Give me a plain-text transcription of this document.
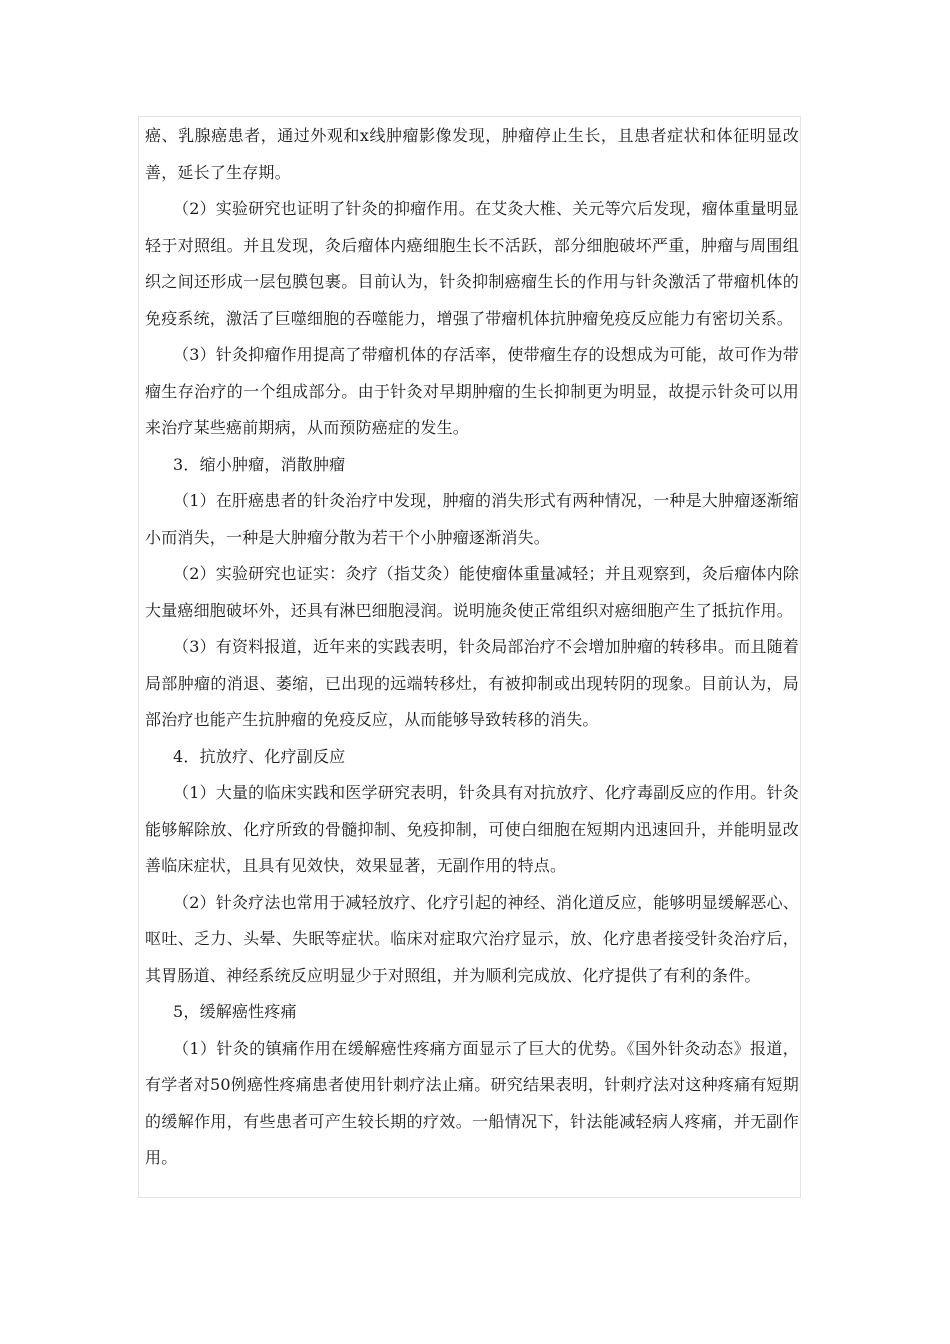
癌、乳腺癌患者，通过外观和x线肿瘤影像发现，肿瘤停止生长，且患者症状和体征明显改善，延长了生存期。

（2）实验研究也证明了针灸的抑瘤作用。在艾灸大椎、关元等穴后发现，瘤体重量明显轻于对照组。并且发现，灸后瘤体内癌细胞生长不活跃，部分细胞破坏严重，肿瘤与周围组织之间还形成一层包膜包裹。目前认为，针灸抑制癌瘤生长的作用与针灸激活了带瘤机体的免疫系统，激活了巨噬细胞的吞噬能力，增强了带瘤机体抗肿瘤免疫反应能力有密切关系。

（3）针灸抑瘤作用提高了带瘤机体的存活率，使带瘤生存的设想成为可能，故可作为带瘤生存治疗的一个组成部分。由于针灸对早期肿瘤的生长抑制更为明显，故提示针灸可以用来治疗某些癌前期病，从而预防癌症的发生。

3．缩小肿瘤，消散肿瘤

（1）在肝癌患者的针灸治疗中发现，肿瘤的消失形式有两种情况，一种是大肿瘤逐渐缩小而消失，一种是大肿瘤分散为若干个小肿瘤逐渐消失。

（2）实验研究也证实：灸疗（指艾灸）能使瘤体重量减轻；并且观察到，灸后瘤体内除大量癌细胞破坏外，还具有淋巴细胞浸润。说明施灸使正常组织对癌细胞产生了抵抗作用。

（3）有资料报道，近年来的实践表明，针灸局部治疗不会增加肿瘤的转移串。而且随着局部肿瘤的消退、萎缩，已出现的远端转移灶，有被抑制或出现转阴的现象。目前认为，局部治疗也能产生抗肿瘤的免疫反应，从而能够导致转移的消失。

4．抗放疗、化疗副反应

（1）大量的临床实践和医学研究表明，针灸具有对抗放疗、化疗毒副反应的作用。针灸能够解除放、化疗所致的骨髓抑制、免疫抑制，可使白细胞在短期内迅速回升，并能明显改善临床症状，且具有见效快，效果显著，无副作用的特点。

（2）针灸疗法也常用于减轻放疗、化疗引起的神经、消化道反应，能够明显缓解恶心、呕吐、乏力、头晕、失眠等症状。临床对症取穴治疗显示，放、化疗患者接受针灸治疗后，其胃肠道、神经系统反应明显少于对照组，并为顺利完成放、化疗提供了有利的条件。

5，缓解癌性疼痛

（1）针灸的镇痛作用在缓解癌性疼痛方面显示了巨大的优势。《国外针灸动态》报道，有学者对50例癌性疼痛患者使用针刺疗法止痛。研究结果表明，针刺疗法对这种疼痛有短期的缓解作用，有些患者可产生较长期的疗效。一船情况下，针法能减轻病人疼痛，并无副作用。
